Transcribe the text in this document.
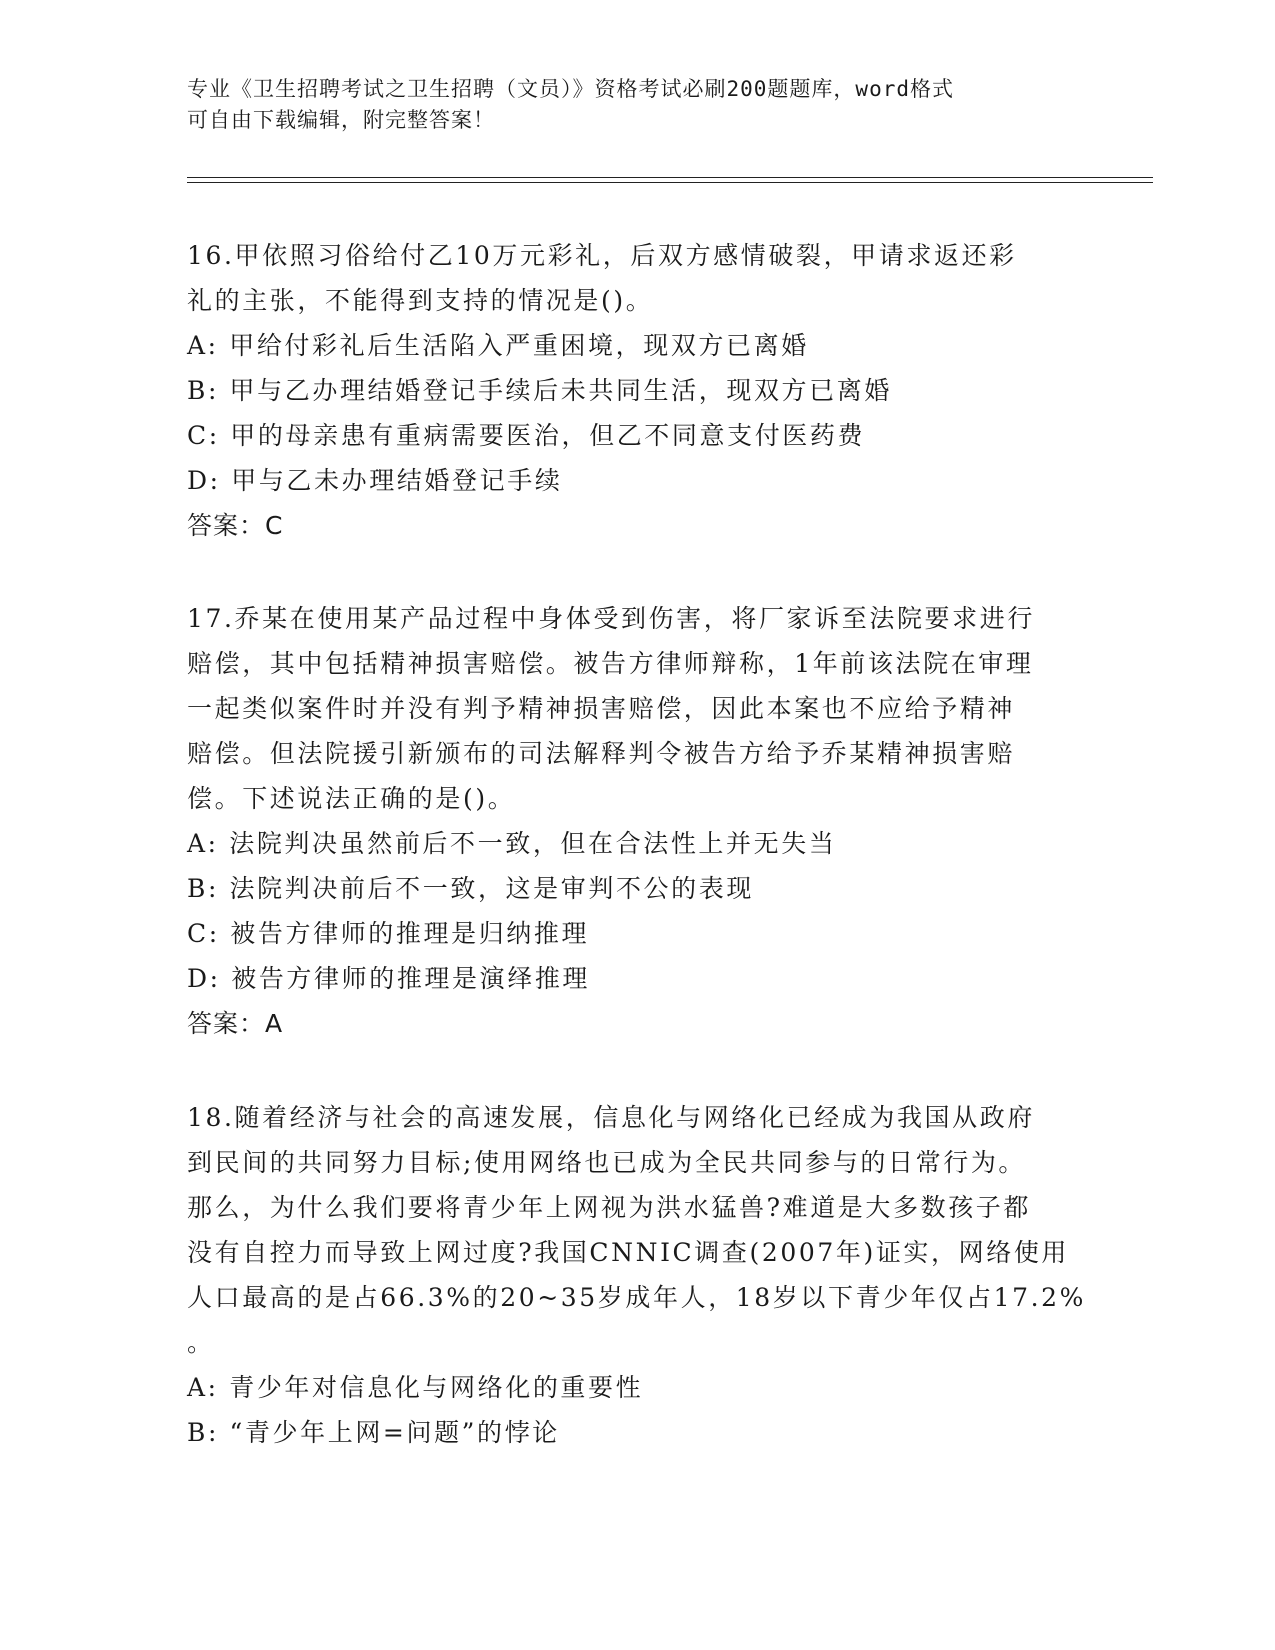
专业《卫生招聘考试之卫生招聘（文员）》资格考试必刷200题题库，word格式
可自由下载编辑，附完整答案！
16.甲依照习俗给付乙10万元彩礼，后双方感情破裂，甲请求返还彩
礼的主张，不能得到支持的情况是()。
A: 甲给付彩礼后生活陷入严重困境，现双方已离婚
B: 甲与乙办理结婚登记手续后未共同生活，现双方已离婚
C: 甲的母亲患有重病需要医治，但乙不同意支付医药费
D: 甲与乙未办理结婚登记手续
答案：C
17.乔某在使用某产品过程中身体受到伤害，将厂家诉至法院要求进行
赔偿，其中包括精神损害赔偿。被告方律师辩称，1年前该法院在审理
一起类似案件时并没有判予精神损害赔偿，因此本案也不应给予精神
赔偿。但法院援引新颁布的司法解释判令被告方给予乔某精神损害赔
偿。下述说法正确的是()。
A: 法院判决虽然前后不一致，但在合法性上并无失当
B: 法院判决前后不一致，这是审判不公的表现
C: 被告方律师的推理是归纳推理
D: 被告方律师的推理是演绎推理
答案：A
18.随着经济与社会的高速发展，信息化与网络化已经成为我国从政府
到民间的共同努力目标;使用网络也已成为全民共同参与的日常行为。
那么，为什么我们要将青少年上网视为洪水猛兽?难道是大多数孩子都
没有自控力而导致上网过度?我国CNNIC调查(2007年)证实，网络使用
人口最高的是占66.3%的20~35岁成年人，18岁以下青少年仅占17.2%
。
A: 青少年对信息化与网络化的重要性
B: “青少年上网=问题”的悖论
